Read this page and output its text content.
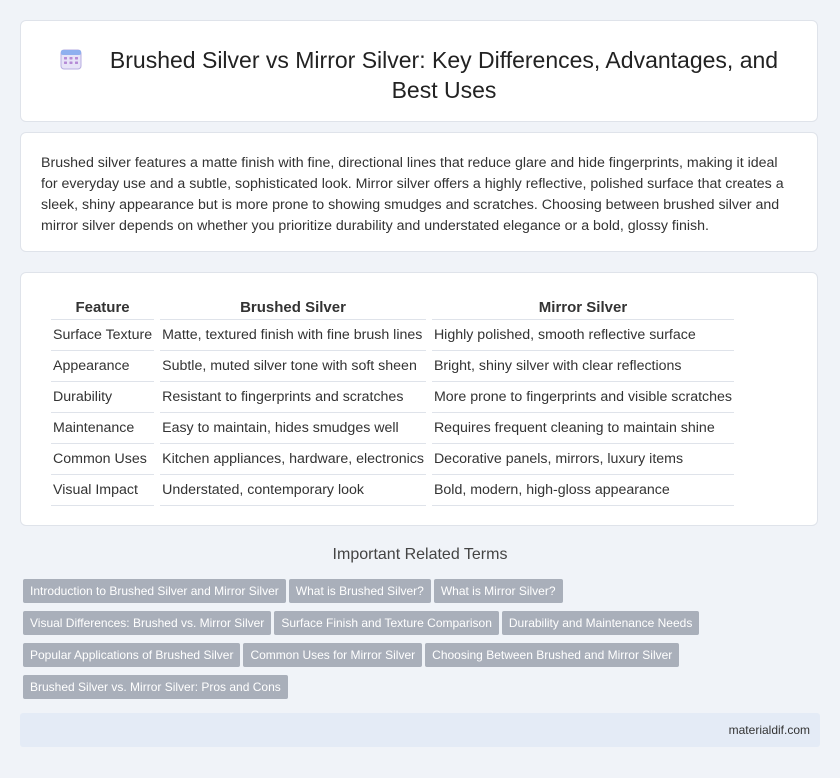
Brushed Silver vs Mirror Silver: Key Differences, Advantages, and Best Uses

Brushed silver features a matte finish with fine, directional lines that reduce glare and hide fingerprints, making it ideal for everyday use and a subtle, sophisticated look. Mirror silver offers a highly reflective, polished surface that creates a sleek, shiny appearance but is more prone to showing smudges and scratches. Choosing between brushed silver and mirror silver depends on whether you prioritize durability and understated elegance or a bold, glossy finish.

Feature	Brushed Silver	Mirror Silver
Surface Texture	Matte, textured finish with fine brush lines	Highly polished, smooth reflective surface
Appearance	Subtle, muted silver tone with soft sheen	Bright, shiny silver with clear reflections
Durability	Resistant to fingerprints and scratches	More prone to fingerprints and visible scratches
Maintenance	Easy to maintain, hides smudges well	Requires frequent cleaning to maintain shine
Common Uses	Kitchen appliances, hardware, electronics	Decorative panels, mirrors, luxury items
Visual Impact	Understated, contemporary look	Bold, modern, high-gloss appearance
Important Related Terms
Introduction to Brushed Silver and Mirror Silver What is Brushed Silver? What is Mirror Silver?
Visual Differences: Brushed vs. Mirror Silver Surface Finish and Texture Comparison Durability and Maintenance Needs
Popular Applications of Brushed Silver Common Uses for Mirror Silver Choosing Between Brushed and Mirror Silver
Brushed Silver vs. Mirror Silver: Pros and Cons
materialdif.com
